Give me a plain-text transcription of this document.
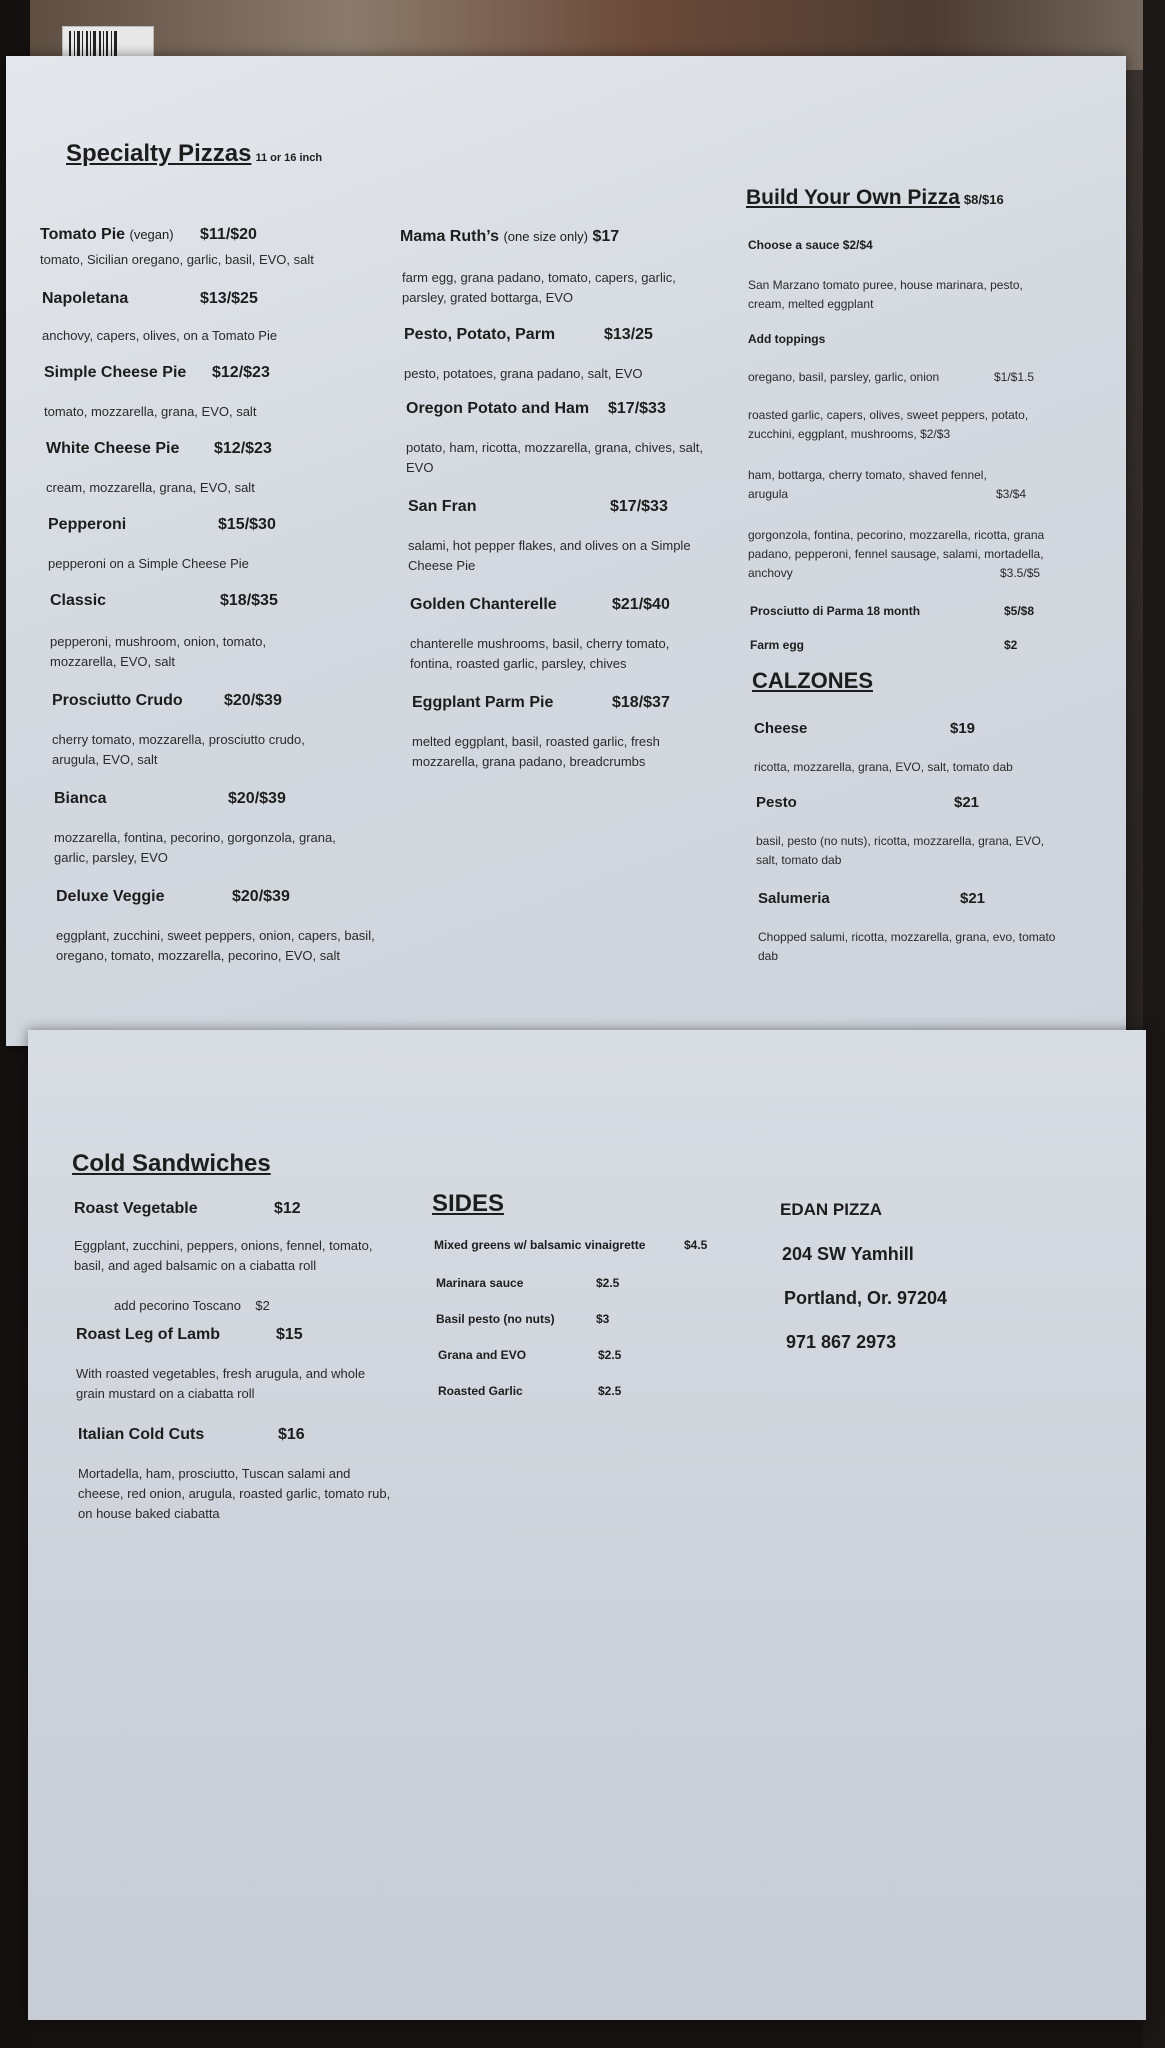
Specialty Pizzas 11 or 16 inch
Tomato Pie (vegan) $11/$20
tomato, Sicilian oregano, garlic, basil, EVO, salt
Napoletana	$13/$25
anchovy, capers, olives, on a Tomato Pie
Simple Cheese Pie $12/$23
tomato, mozzarella, grana, EVO, salt
White Cheese Pie $12/$23
cream, mozzarella, grana, EVO, salt
Pepperoni	$15/$30
pepperoni on a Simple Cheese Pie
Classic	$18/$35
pepperoni, mushroom, onion, tomato, mozzarella, EVO, salt
Prosciutto Crudo	$20/$39
cherry tomato, mozzarella, prosciutto crudo, arugula, EVO, salt
Bianca	$20/$39
mozzarella, fontina, pecorino, gorgonzola, grana, garlic, parsley, EVO
Deluxe Veggie	$20/$39
eggplant, zucchini, sweet peppers, onion, capers, basil, oregano, tomato, mozzarella, pecorino, EVO, salt
Mama Ruth’s (one size only) $17
farm egg, grana padano, tomato, capers, garlic, parsley, grated bottarga, EVO
Pesto, Potato, Parm	$13/25
pesto, potatoes, grana padano, salt, EVO
Oregon Potato and Ham $17/$33
potato, ham, ricotta, mozzarella, grana, chives, salt, EVO
San Fran	$17/$33
salami, hot pepper flakes, and olives on a Simple Cheese Pie
Golden Chanterelle	$21/$40
chanterelle mushrooms, basil, cherry tomato, fontina, roasted garlic, parsley, chives
Eggplant Parm Pie	$18/$37
melted eggplant, basil, roasted garlic, fresh mozzarella, grana padano, breadcrumbs
Build Your Own Pizza $8/$16
Choose a sauce $2/$4
San Marzano tomato puree, house marinara, pesto, cream, melted eggplant
Add toppings
oregano, basil, parsley, garlic, onion	$1/$1.5
roasted garlic, capers, olives, sweet peppers, potato, zucchini, eggplant, mushrooms, $2/$3
ham, bottarga, cherry tomato, shaved fennel, arugula	$3/$4
gorgonzola, fontina, pecorino, mozzarella, ricotta, grana padano, pepperoni, fennel sausage, salami, mortadella, anchovy	$3.5/$5
Prosciutto di Parma 18 month	$5/$8
Farm egg	$2
CALZONES
Cheese	$19
ricotta, mozzarella, grana, EVO, salt, tomato dab
Pesto	$21
basil, pesto (no nuts), ricotta, mozzarella, grana, EVO, salt, tomato dab
Salumeria	$21
Chopped salumi, ricotta, mozzarella, grana, evo, tomato dab
Cold Sandwiches
Roast Vegetable	$12
Eggplant, zucchini, peppers, onions, fennel, tomato, basil, and aged balsamic on a ciabatta roll
add pecorino Toscano $2
Roast Leg of Lamb	$15
With roasted vegetables, fresh arugula, and whole grain mustard on a ciabatta roll
Italian Cold Cuts	$16
Mortadella, ham, prosciutto, Tuscan salami and cheese, red onion, arugula, roasted garlic, tomato rub, on house baked ciabatta
SIDES
Mixed greens w/ balsamic vinaigrette	$4.5
Marinara sauce	$2.5
Basil pesto (no nuts)	$3
Grana and EVO	$2.5
Roasted Garlic	$2.5
EDAN PIZZA
204 SW Yamhill
Portland, Or. 97204
971 867 2973
